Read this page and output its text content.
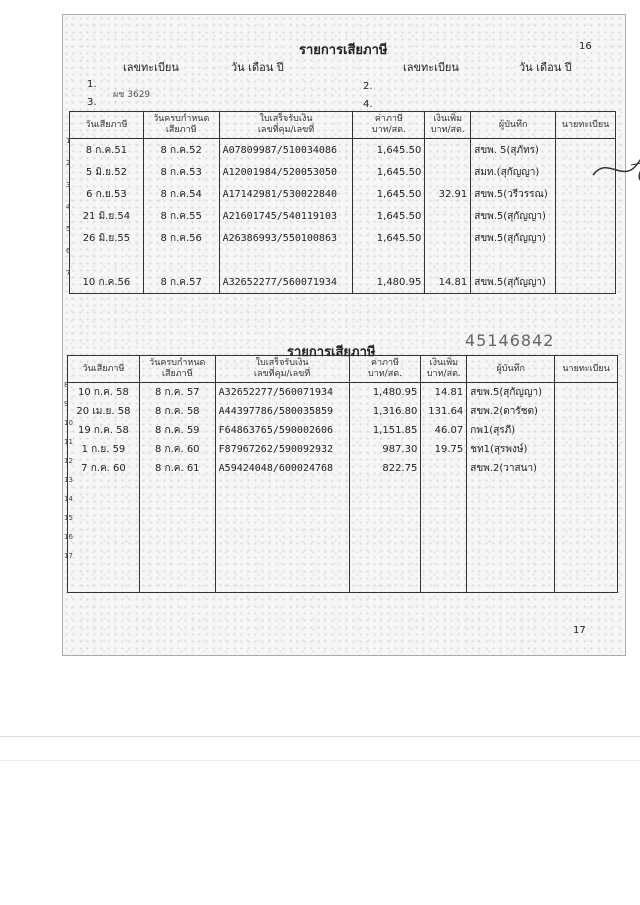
16
รายการเสียภาษี
เลขทะเบียน	วัน เดือน ปี	เลขทะเบียน	วัน เดือน ปี
1.
ผช 3629
2.
3.	4.
วันเสียภาษี	วันครบกำหนด
เสียภาษี	ใบเสร็จรับเงิน
เลขที่คุม/เลขที่	ค่าภาษี
บาท/สต.	เงินเพิ่ม
บาท/สต.	ผู้บันทึก	นายทะเบียน

1
8 ก.ค.51	8 ก.ค.52	A07809987/510034086	1,645.50		สขพ. 5(สุภัทร)	

2
5 มิ.ย.52	8 ก.ค.53	A12001984/520053050	1,645.50		สมท.(สุกัญญา)	

3
6 ก.ย.53	8 ก.ค.54	A17142981/530022840	1,645.50	32.91	สขพ.5(วรีวรรณ)	

4
21 มิ.ย.54	8 ก.ค.55	A21601745/540119103	1,645.50		สขพ.5(สุกัญญา)	

5
26 มิ.ย.55	8 ก.ค.56	A26386993/550100863	1,645.50		สขพ.5(สุกัญญา)	

6						

7
10 ก.ค.56	8 ก.ค.57	A32652277/560071934	1,480.95	14.81	สขพ.5(สุกัญญา)	
45146842
รายการเสียภาษี
วันเสียภาษี	วันครบกำหนด
เสียภาษี	ใบเสร็จรับเงิน
เลขที่คุม/เลขที่	ค่าภาษี
บาท/สต.	เงินเพิ่ม
บาท/สต.	ผู้บันทึก	นายทะเบียน

8
10 ก.ค. 58	8 ก.ค. 57	A32652277/560071934	1,480.95	14.81	สขพ.5(สุกัญญา)	

9
20 เม.ย. 58	8 ก.ค. 58	A44397786/580035859	1,316.80	131.64	สขพ.2(ดารัชต)	

10
19 ก.ค. 58	8 ก.ค. 59	F64863765/590002606	1,151.85	46.07	กพ1(สุรภี)	

11
1 ก.ย. 59	8 ก.ค. 60	F87967262/590092932	987.30	19.75	ชท1(สุรพงษ์)	

12
7 ก.ค. 60	8 ก.ค. 61	A59424048/600024768	822.75		สขพ.2(วาสนา)	

13						

14						

15						

16						

17						

17
